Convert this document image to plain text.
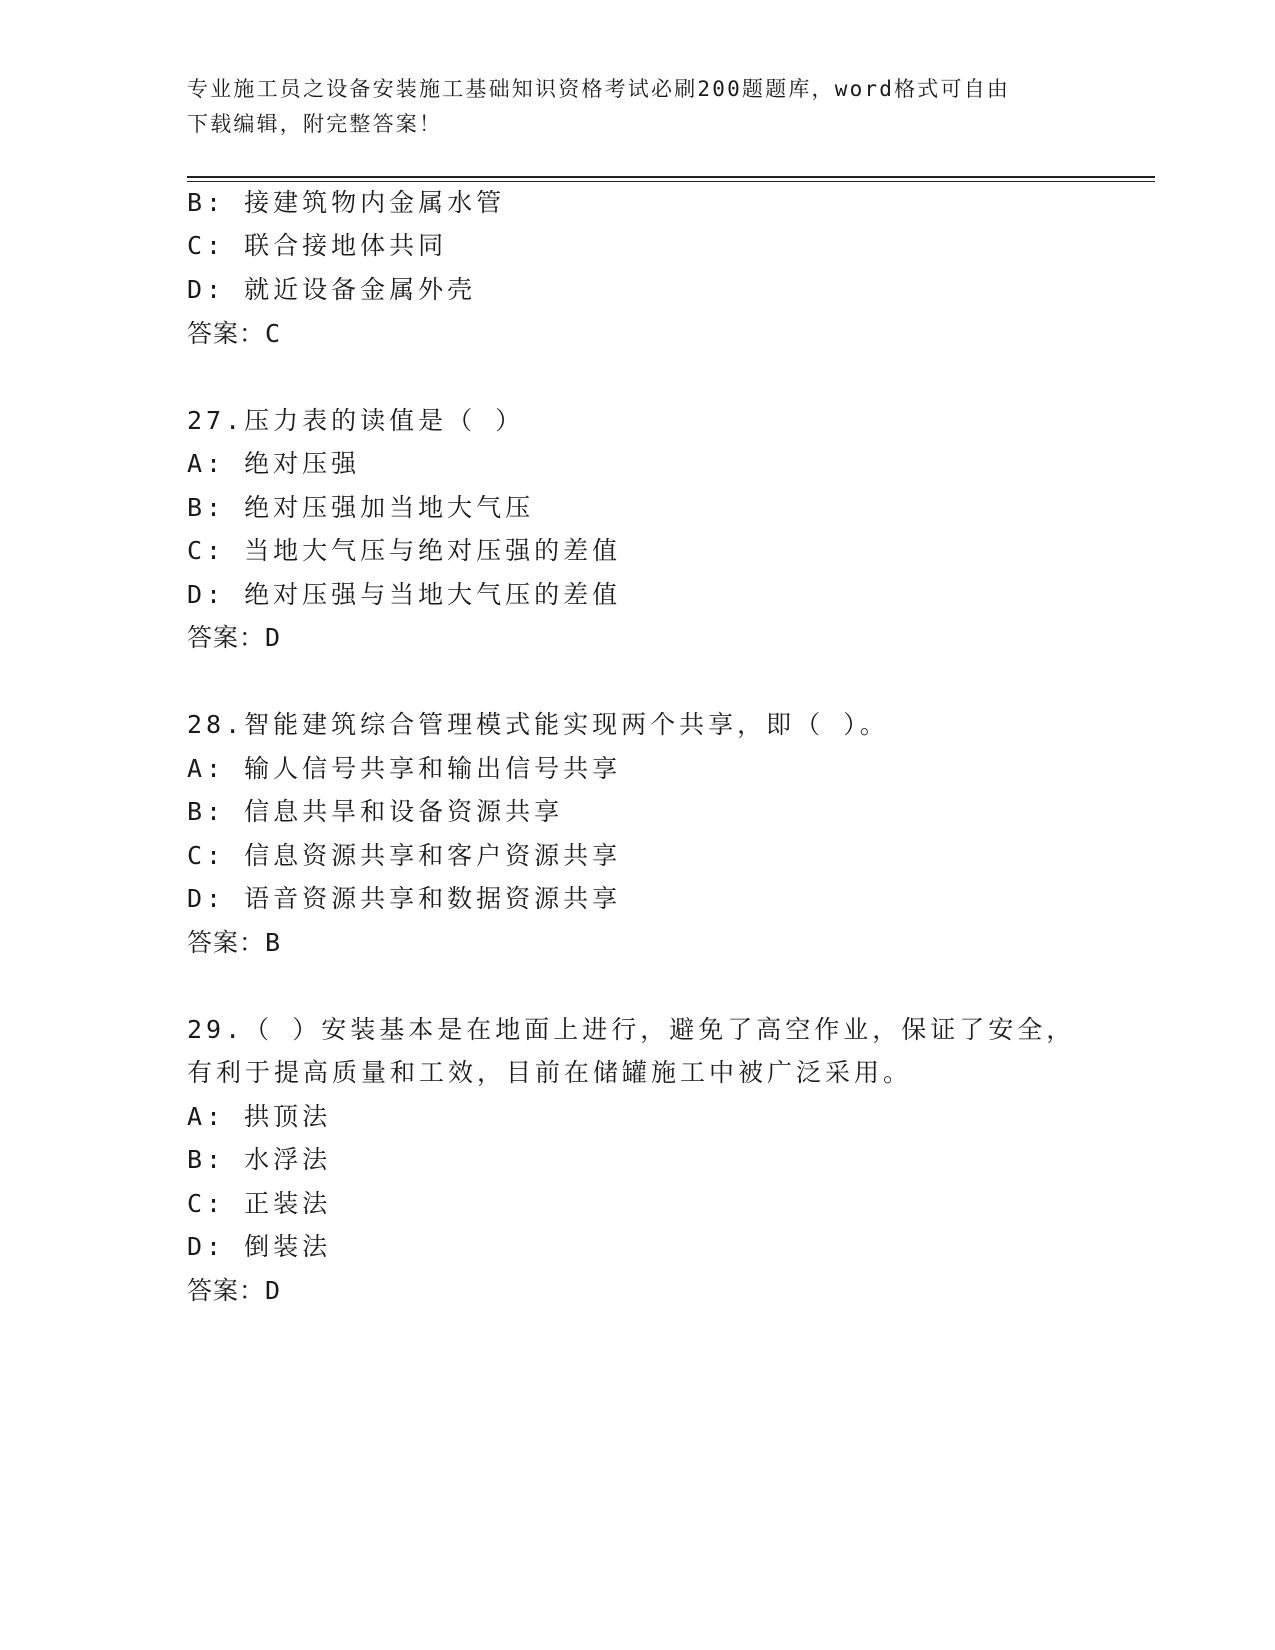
专业施工员之设备安装施工基础知识资格考试必刷200题题库，word格式可自由
下载编辑，附完整答案！
B: 接建筑物内金属水管
C: 联合接地体共同
D: 就近设备金属外壳
答案：C
27.压力表的读值是（ ）
A: 绝对压强
B: 绝对压强加当地大气压
C: 当地大气压与绝对压强的差值
D: 绝对压强与当地大气压的差值
答案：D
28.智能建筑综合管理模式能实现两个共享，即（ ）。
A: 输人信号共享和输出信号共享
B: 信息共旱和设备资源共享
C: 信息资源共享和客户资源共享
D: 语音资源共享和数据资源共享
答案：B
29.（ ）安装基本是在地面上进行，避免了高空作业，保证了安全，
有利于提高质量和工效，目前在储罐施工中被广泛采用。
A: 拱顶法
B: 水浮法
C: 正装法
D: 倒装法
答案：D
